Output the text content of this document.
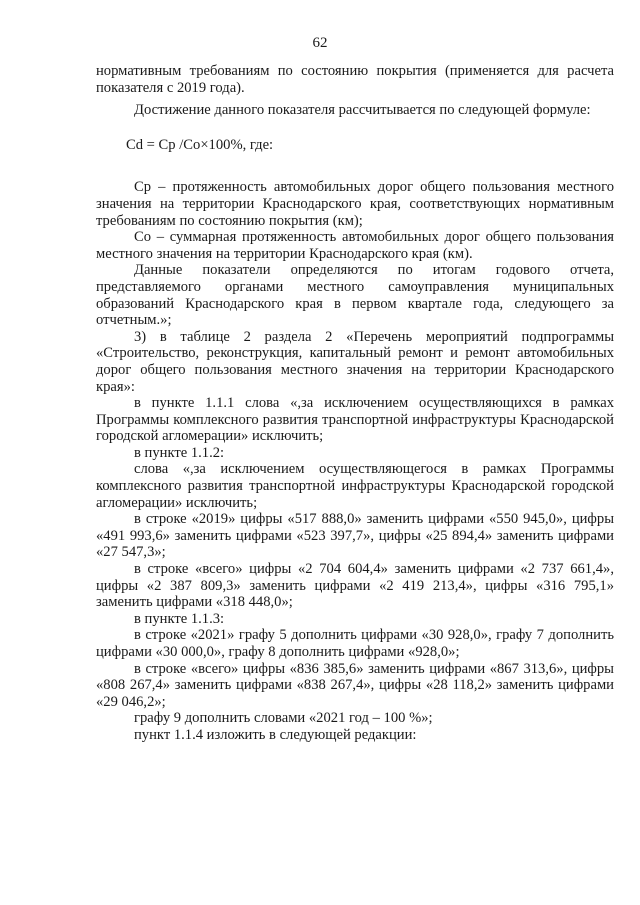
62

нормативным требованиям по состоянию покрытия (применяется для расчета показателя с 2019 года).

Достижение данного показателя рассчитывается по следующей формуле:

Cd = Cp /Co×100%, где:

Ср – протяженность автомобильных дорог общего пользования местного значения на территории Краснодарского края, соответствующих нормативным требованиям по состоянию покрытия (км);

Со – суммарная протяженность автомобильных дорог общего пользования местного значения на территории Краснодарского края (км).

Данные показатели определяются по итогам годового отчета, представляемого органами местного самоуправления муниципальных образований Краснодарского края в первом квартале года, следующего за отчетным.»;

3) в таблице 2 раздела 2 «Перечень мероприятий подпрограммы «Строительство, реконструкция, капитальный ремонт и ремонт автомобильных дорог общего пользования местного значения на территории Краснодарского края»:

в пункте 1.1.1 слова «,за исключением осуществляющихся в рамках Программы комплексного развития транспортной инфраструктуры Краснодарской городской агломерации» исключить;

в пункте 1.1.2:

слова «,за исключением осуществляющегося в рамках Программы комплексного развития транспортной инфраструктуры Краснодарской городской агломерации» исключить;

в строке «2019» цифры «517 888,0» заменить цифрами «550 945,0», цифры «491 993,6» заменить цифрами «523 397,7», цифры «25 894,4» заменить цифрами «27 547,3»;

в строке «всего» цифры «2 704 604,4» заменить цифрами «2 737 661,4», цифры «2 387 809,3» заменить цифрами «2 419 213,4», цифры «316 795,1» заменить цифрами «318 448,0»;

в пункте 1.1.3:

в строке «2021» графу 5 дополнить цифрами «30 928,0», графу 7 дополнить цифрами «30 000,0», графу 8 дополнить цифрами «928,0»;

в строке «всего» цифры «836 385,6» заменить цифрами «867 313,6», цифры «808 267,4» заменить цифрами «838 267,4», цифры «28 118,2» заменить цифрами «29 046,2»;

графу 9 дополнить словами «2021 год – 100 %»;

пункт 1.1.4 изложить в следующей редакции:
